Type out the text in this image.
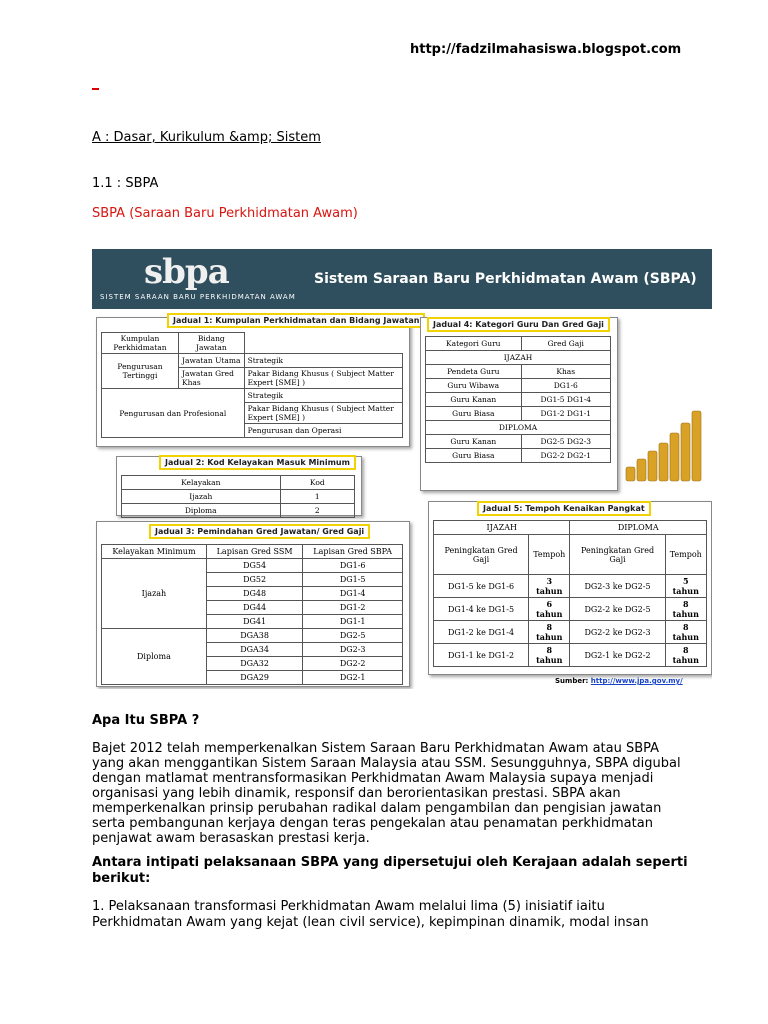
http://fadzilmahasiswa.blogspot.com
A : Dasar, Kurikulum &amp; Sistem
1.1 : SBPA
SBPA (Saraan Baru Perkhidmatan Awam)
sbpa
SISTEM SARAAN BARU PERKHIDMATAN AWAM
Sistem Saraan Baru Perkhidmatan Awam (SBPA)
Kumpulan Perkhidmatan	Bidang Jawatan	
Pengurusan Tertinggi	Jawatan Utama	Strategik
	Jawatan Gred Khas	Pakar Bidang Khusus ( Subject Matter Expert [SME] )
Pengurusan dan Profesional		Strategik
		Pakar Bidang Khusus ( Subject Matter Expert [SME] )
		Pengurusan dan Operasi
Jadual 1: Kumpulan Perkhidmatan dan Bidang Jawatan
Kelayakan	Kod
Ijazah	1
Diploma	2
Jadual 2: Kod Kelayakan Masuk Minimum
Kelayakan Minimum	Lapisan Gred SSM	Lapisan Gred SBPA
Ijazah	DG54	DG1-6
	DG52	DG1-5
	DG48	DG1-4
	DG44	DG1-2
	DG41	DG1-1
Diploma	DGA38	DG2-5
	DGA34	DG2-3
	DGA32	DG2-2
	DGA29	DG2-1
Jadual 3: Pemindahan Gred Jawatan/ Gred Gaji
Kategori Guru	Gred Gaji
IJAZAH	
Pendeta Guru	Khas
Guru Wibawa	DG1-6
Guru Kanan	DG1-5 DG1-4
Guru Biasa	DG1-2 DG1-1
DIPLOMA	
Guru Kanan	DG2-5 DG2-3
Guru Biasa	DG2-2 DG2-1
Jadual 4: Kategori Guru Dan Gred Gaji
IJAZAH		DIPLOMA	
Peningkatan Gred Gaji	Tempoh	Peningkatan Gred Gaji	Tempoh
DG1-5 ke DG1-6	3 tahun	DG2-3 ke DG2-5	5 tahun
DG1-4 ke DG1-5	6 tahun	DG2-2 ke DG2-5	8 tahun
DG1-2 ke DG1-4	8 tahun	DG2-2 ke DG2-3	8 tahun
DG1-1 ke DG1-2	8 tahun	DG2-1 ke DG2-2	8 tahun
Jadual 5: Tempoh Kenaikan Pangkat
Sumber: http://www.jpa.gov.my/
Apa Itu SBPA ?
Bajet 2012 telah memperkenalkan Sistem Saraan Baru Perkhidmatan Awam atau SBPA yang akan menggantikan Sistem Saraan Malaysia atau SSM. Sesungguhnya, SBPA digubal dengan matlamat mentransformasikan Perkhidmatan Awam Malaysia supaya menjadi organisasi yang lebih dinamik, responsif dan berorientasikan prestasi. SBPA akan memperkenalkan prinsip perubahan radikal dalam pengambilan dan pengisian jawatan serta pembangunan kerjaya dengan teras pengekalan atau penamatan perkhidmatan penjawat awam berasaskan prestasi kerja.
Antara intipati pelaksanaan SBPA yang dipersetujui oleh Kerajaan adalah seperti berikut:
1. Pelaksanaan transformasi Perkhidmatan Awam melalui lima (5) inisiatif iaitu Perkhidmatan Awam yang kejat (lean civil service), kepimpinan dinamik, modal insan
